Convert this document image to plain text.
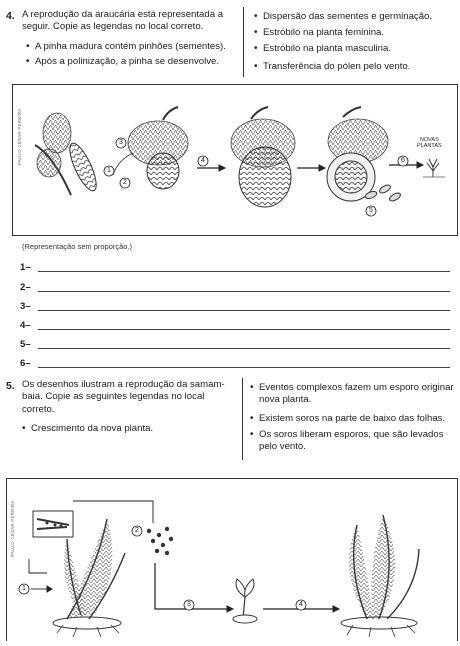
4. A reprodução da araucária está representada a
seguir. Copie as legendas no local correto.
• A pinha madura contém pinhões (sementes).
• Após a polinização, a pinha se desenvolve.
• Dispersão das sementes e germinação.
• Estróbilo na planta feminina.
• Estróbilo na planta masculina.
• Transferência do pólen pelo vento.
PAULO CÉSAR PEREIRA
1
2
3
4
5
6
NOVAS
PLANTAS
(Representação sem proporção.)
1–
2–
3–
4–
5–
6–
5. Os desenhos ilustram a reprodução da samam-
baia. Copie as seguintes legendas no local
correto.
• Crescimento da nova planta.
• Eventos complexos fazem um esporo originar
nova planta.
• Existem soros na parte de baixo das folhas.
• Os soros liberam esporos, que são levados
pelo vento.
PAULO CÉSAR PEREIRA
1
2
3	4
